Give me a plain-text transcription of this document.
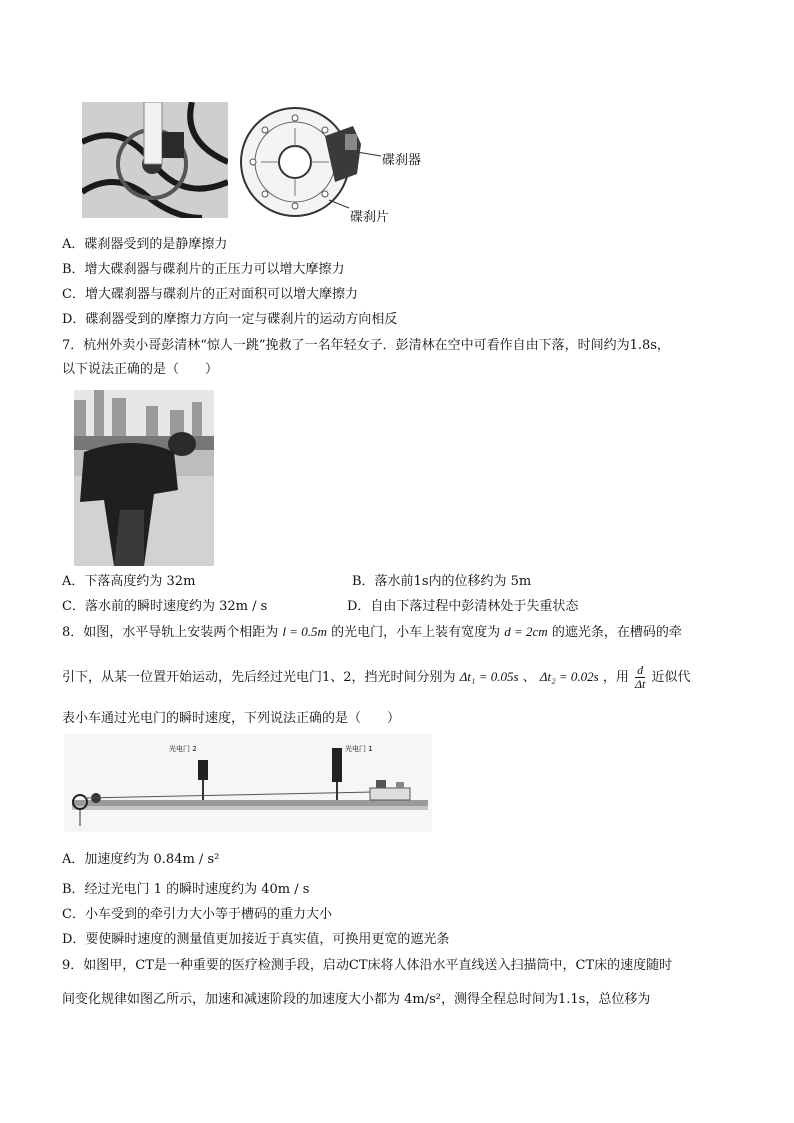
碟刹器
碟刹片
A．碟刹器受到的是静摩擦力
B．增大碟刹器与碟刹片的正压力可以增大摩擦力
C．增大碟刹器与碟刹片的正对面积可以增大摩擦力
D．碟刹器受到的摩擦力方向一定与碟刹片的运动方向相反
7．杭州外卖小哥彭清林“惊人一跳”挽救了一名年轻女子．彭清林在空中可看作自由下落，时间约为1.8s，
以下说法正确的是（　　）
A．下落高度约为 32m	B．落水前1s内的位移约为 5m
C．落水前的瞬时速度约为 32m / s	D．自由下落过程中彭清林处于失重状态
8．如图，水平导轨上安装两个相距为 l = 0.5m 的光电门，小车上装有宽度为 d = 2cm 的遮光条，在槽码的牵
引下，从某一位置开始运动，先后经过光电门1、2，挡光时间分别为 Δt₁ = 0.05s 、 Δt₂ = 0.02s ，用 $\frac{d}{\Delta t}$ 近似代
表小车通过光电门的瞬时速度，下列说法正确的是（　　）
光电门 2	光电门 1
A．加速度约为 0.84m / s²
B．经过光电门 1 的瞬时速度约为 40m / s
C．小车受到的牵引力大小等于槽码的重力大小
D．要使瞬时速度的测量值更加接近于真实值，可换用更宽的遮光条
9．如图甲，CT是一种重要的医疗检测手段，启动CT床将人体沿水平直线送入扫描筒中，CT床的速度随时
间变化规律如图乙所示，加速和减速阶段的加速度大小都为 4m/s²，测得全程总时间为1.1s，总位移为
